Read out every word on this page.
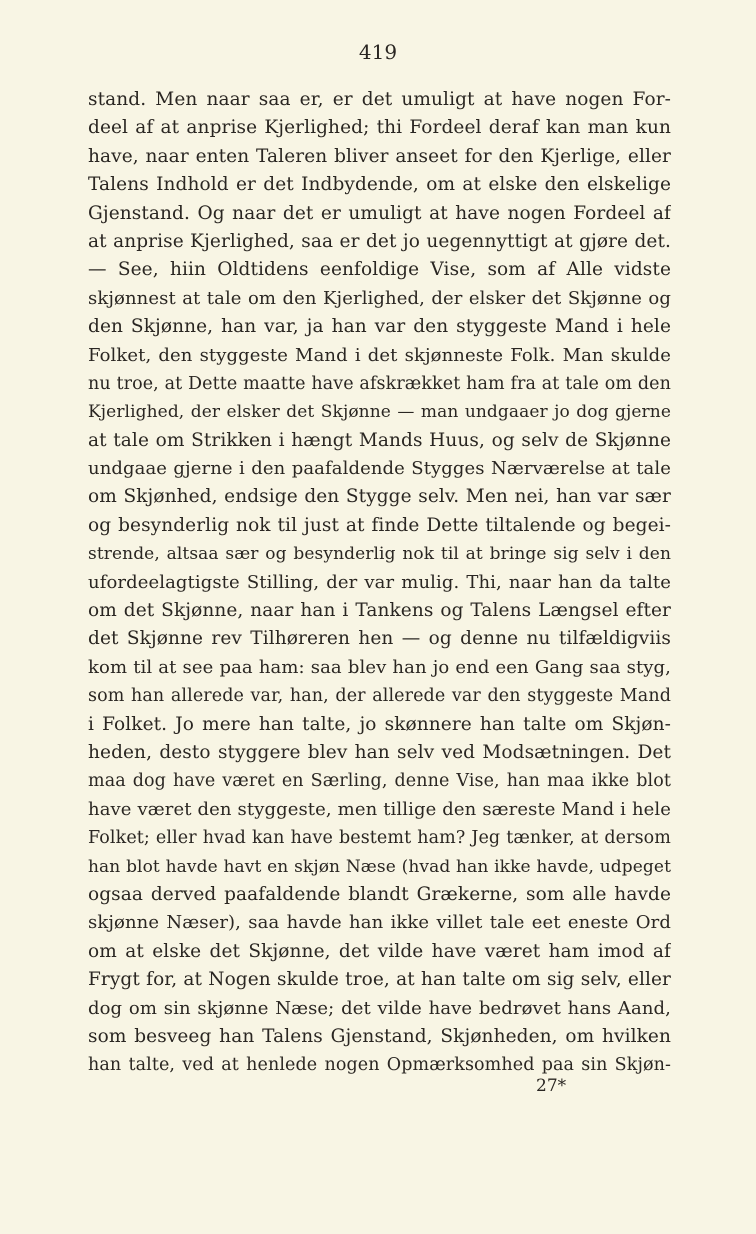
419
stand. Men naar saa er, er det umuligt at have nogen For-
deel af at anprise Kjerlighed; thi Fordeel deraf kan man kun
have, naar enten Taleren bliver anseet for den Kjerlige, eller
Talens Indhold er det Indbydende, om at elske den elskelige
Gjenstand. Og naar det er umuligt at have nogen Fordeel af
at anprise Kjerlighed, saa er det jo uegennyttigt at gjøre det.
— See, hiin Oldtidens eenfoldige Vise, som af Alle vidste
skjønnest at tale om den Kjerlighed, der elsker det Skjønne og
den Skjønne, han var, ja han var den styggeste Mand i hele
Folket, den styggeste Mand i det skjønneste Folk. Man skulde
nu troe, at Dette maatte have afskrækket ham fra at tale om den
Kjerlighed, der elsker det Skjønne — man undgaaer jo dog gjerne
at tale om Strikken i hængt Mands Huus, og selv de Skjønne
undgaae gjerne i den paafaldende Stygges Nærværelse at tale
om Skjønhed, endsige den Stygge selv. Men nei, han var sær
og besynderlig nok til just at finde Dette tiltalende og begei-
strende, altsaa sær og besynderlig nok til at bringe sig selv i den
ufordeelagtigste Stilling, der var mulig. Thi, naar han da talte
om det Skjønne, naar han i Tankens og Talens Længsel efter
det Skjønne rev Tilhøreren hen — og denne nu tilfældigviis
kom til at see paa ham: saa blev han jo end een Gang saa styg,
som han allerede var, han, der allerede var den styggeste Mand
i Folket. Jo mere han talte, jo skønnere han talte om Skjøn-
heden, desto styggere blev han selv ved Modsætningen. Det
maa dog have været en Særling, denne Vise, han maa ikke blot
have været den styggeste, men tillige den særeste Mand i hele
Folket; eller hvad kan have bestemt ham? Jeg tænker, at dersom
han blot havde havt en skjøn Næse (hvad han ikke havde, udpeget
ogsaa derved paafaldende blandt Grækerne, som alle havde
skjønne Næser), saa havde han ikke villet tale eet eneste Ord
om at elske det Skjønne, det vilde have været ham imod af
Frygt for, at Nogen skulde troe, at han talte om sig selv, eller
dog om sin skjønne Næse; det vilde have bedrøvet hans Aand,
som besveeg han Talens Gjenstand, Skjønheden, om hvilken
han talte, ved at henlede nogen Opmærksomhed paa sin Skjøn-
27*
